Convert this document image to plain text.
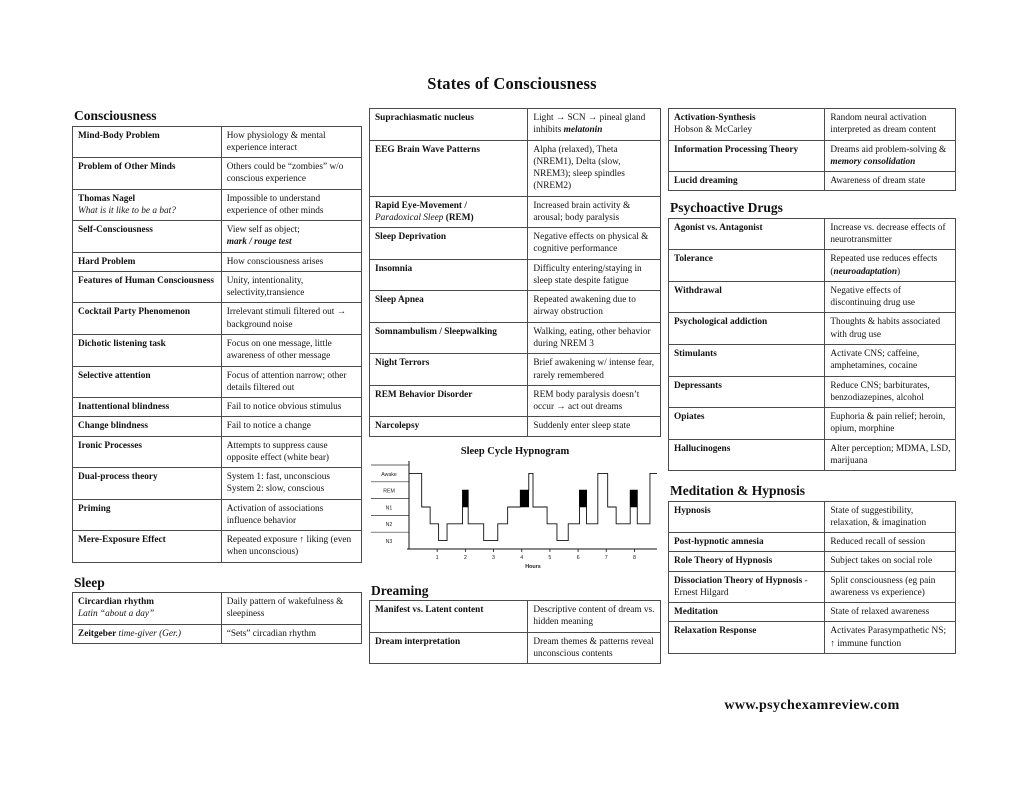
States of Consciousness
Consciousness
Mind-Body Problem	How physiology & mental experience interact
Problem of Other Minds	Others could be “zombies” w/o conscious experience
Thomas Nagel
What is it like to be a bat?	Impossible to understand experience of other minds
Self-Consciousness	View self as object;
mark / rouge test
Hard Problem	How consciousness arises
Features of Human Consciousness	Unity, intentionality, selectivity,transience
Cocktail Party Phenomenon	Irrelevant stimuli filtered out → background noise
Dichotic listening task	Focus on one message, little awareness of other message
Selective attention	Focus of attention narrow; other details filtered out
Inattentional blindness	Fail to notice obvious stimulus
Change blindness	Fail to notice a change
Ironic Processes	Attempts to suppress cause opposite effect (white bear)
Dual-process theory	System 1: fast, unconscious System 2: slow, conscious
Priming	Activation of associations influence behavior
Mere-Exposure Effect	Repeated exposure ↑ liking (even when unconscious)
Sleep
Circardian rhythm
Latin “about a day”	Daily pattern of wakefulness & sleepiness
Zeitgeber time-giver (Ger.)	“Sets” circadian rhythm
Suprachiasmatic nucleus	Light → SCN → pineal gland inhibits melatonin
EEG Brain Wave Patterns	Alpha (relaxed), Theta (NREM1), Delta (slow, NREM3); sleep spindles (NREM2)
Rapid Eye-Movement /
Paradoxical Sleep (REM)	Increased brain activity & arousal; body paralysis
Sleep Deprivation	Negative effects on physical & cognitive performance
Insomnia	Difficulty entering/staying in sleep state despite fatigue
Sleep Apnea	Repeated awakening due to airway obstruction
Somnambulism / Sleepwalking	Walking, eating, other behavior during NREM 3
Night Terrors	Brief awakening w/ intense fear, rarely remembered
REM Behavior Disorder	REM body paralysis doesn’t occur → act out dreams
Narcolepsy	Suddenly enter sleep state
Sleep Cycle Hypnogram
Awake
REM
N1
N2
N3
1	2	3	4	5	6	7	8
Hours
Dreaming
Manifest vs. Latent content	Descriptive content of dream vs. hidden meaning
Dream interpretation	Dream themes & patterns reveal unconscious contents
Activation-Synthesis
Hobson & McCarley	Random neural activation interpreted as dream content
Information Processing Theory	Dreams aid problem-solving & memory consolidation
Lucid dreaming	Awareness of dream state
Psychoactive Drugs
Agonist vs. Antagonist	Increase vs. decrease effects of neurotransmitter
Tolerance	Repeated use reduces effects (neuroadaptation)
Withdrawal	Negative effects of discontinuing drug use
Psychological addiction	Thoughts & habits associated with drug use
Stimulants	Activate CNS; caffeine, amphetamines, cocaine
Depressants	Reduce CNS; barbiturates, benzodiazepines, alcohol
Opiates	Euphoria & pain relief; heroin, opium, morphine
Hallucinogens	Alter perception; MDMA, LSD, marijuana
Meditation & Hypnosis
Hypnosis	State of suggestibility, relaxation, & imagination
Post-hypnotic amnesia	Reduced recall of session
Role Theory of Hypnosis	Subject takes on social role
Dissociation Theory of Hypnosis - Ernest Hilgard	Split consciousness (eg pain awareness vs experience)
Meditation	State of relaxed awareness
Relaxation Response	Activates Parasympathetic NS; ↑ immune function
www.psychexamreview.com
